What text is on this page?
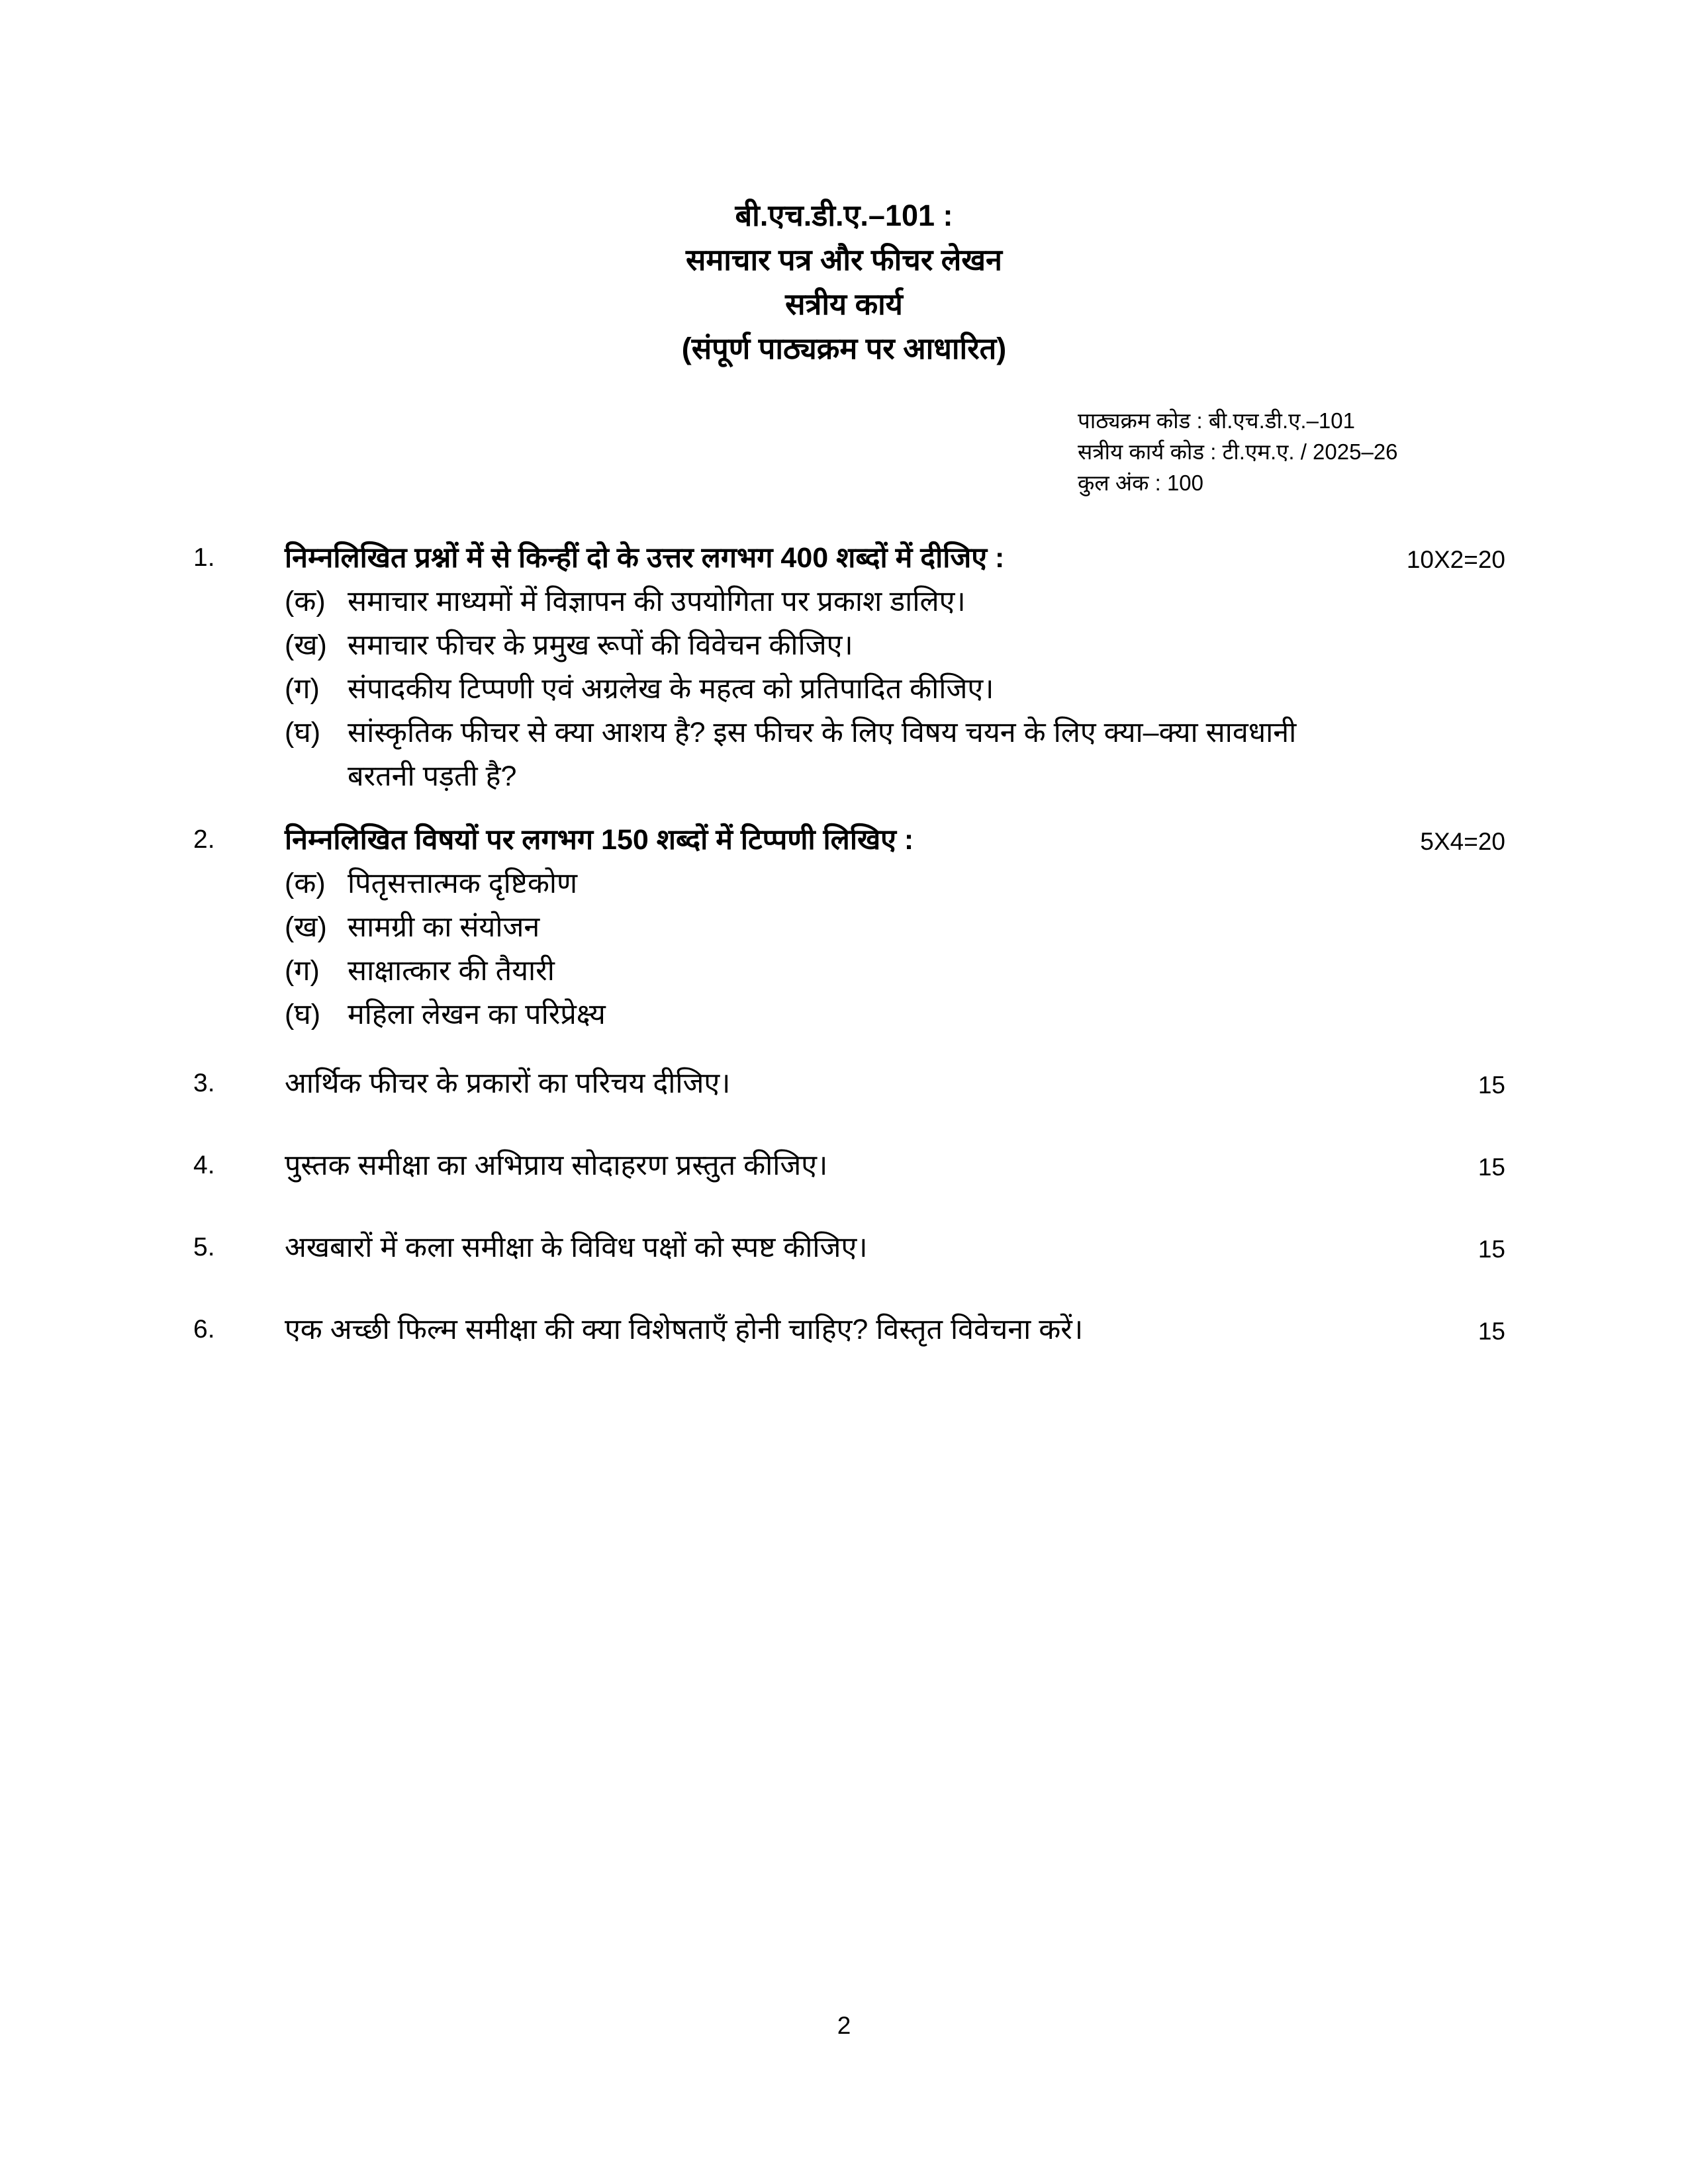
बी.एच.डी.ए.–101 :
समाचार पत्र और फीचर लेखन
सत्रीय कार्य
(संपूर्ण पाठ्यक्रम पर आधारित)
पाठ्यक्रम कोड : बी.एच.डी.ए.–101
सत्रीय कार्य कोड : टी.एम.ए. / 2025–26
कुल अंक : 100
1.	निम्नलिखित प्रश्नों में से किन्हीं दो के उत्तर लगभग 400 शब्दों में दीजिए :
(क) समाचार माध्यमों में विज्ञापन की उपयोगिता पर प्रकाश डालिए।
(ख) समाचार फीचर के प्रमुख रूपों की विवेचन कीजिए।
(ग) संपादकीय टिप्पणी एवं अग्रलेख के महत्व को प्रतिपादित कीजिए।
(घ) सांस्कृतिक फीचर से क्या आशय है? इस फीचर के लिए विषय चयन के लिए क्या–क्या सावधानी बरतनी पड़ती है?
10X2=20
2.	निम्नलिखित विषयों पर लगभग 150 शब्दों में टिप्पणी लिखिए :
(क) पितृसत्तात्मक दृष्टिकोण
(ख) सामग्री का संयोजन
(ग) साक्षात्कार की तैयारी
(घ) महिला लेखन का परिप्रेक्ष्य
5X4=20
3.	आर्थिक फीचर के प्रकारों का परिचय दीजिए।	15
4.	पुस्तक समीक्षा का अभिप्राय सोदाहरण प्रस्तुत कीजिए।	15
5.	अखबारों में कला समीक्षा के विविध पक्षों को स्पष्ट कीजिए।	15
6.	एक अच्छी फिल्म समीक्षा की क्या विशेषताएँ होनी चाहिए? विस्तृत विवेचना करें।	15
2
